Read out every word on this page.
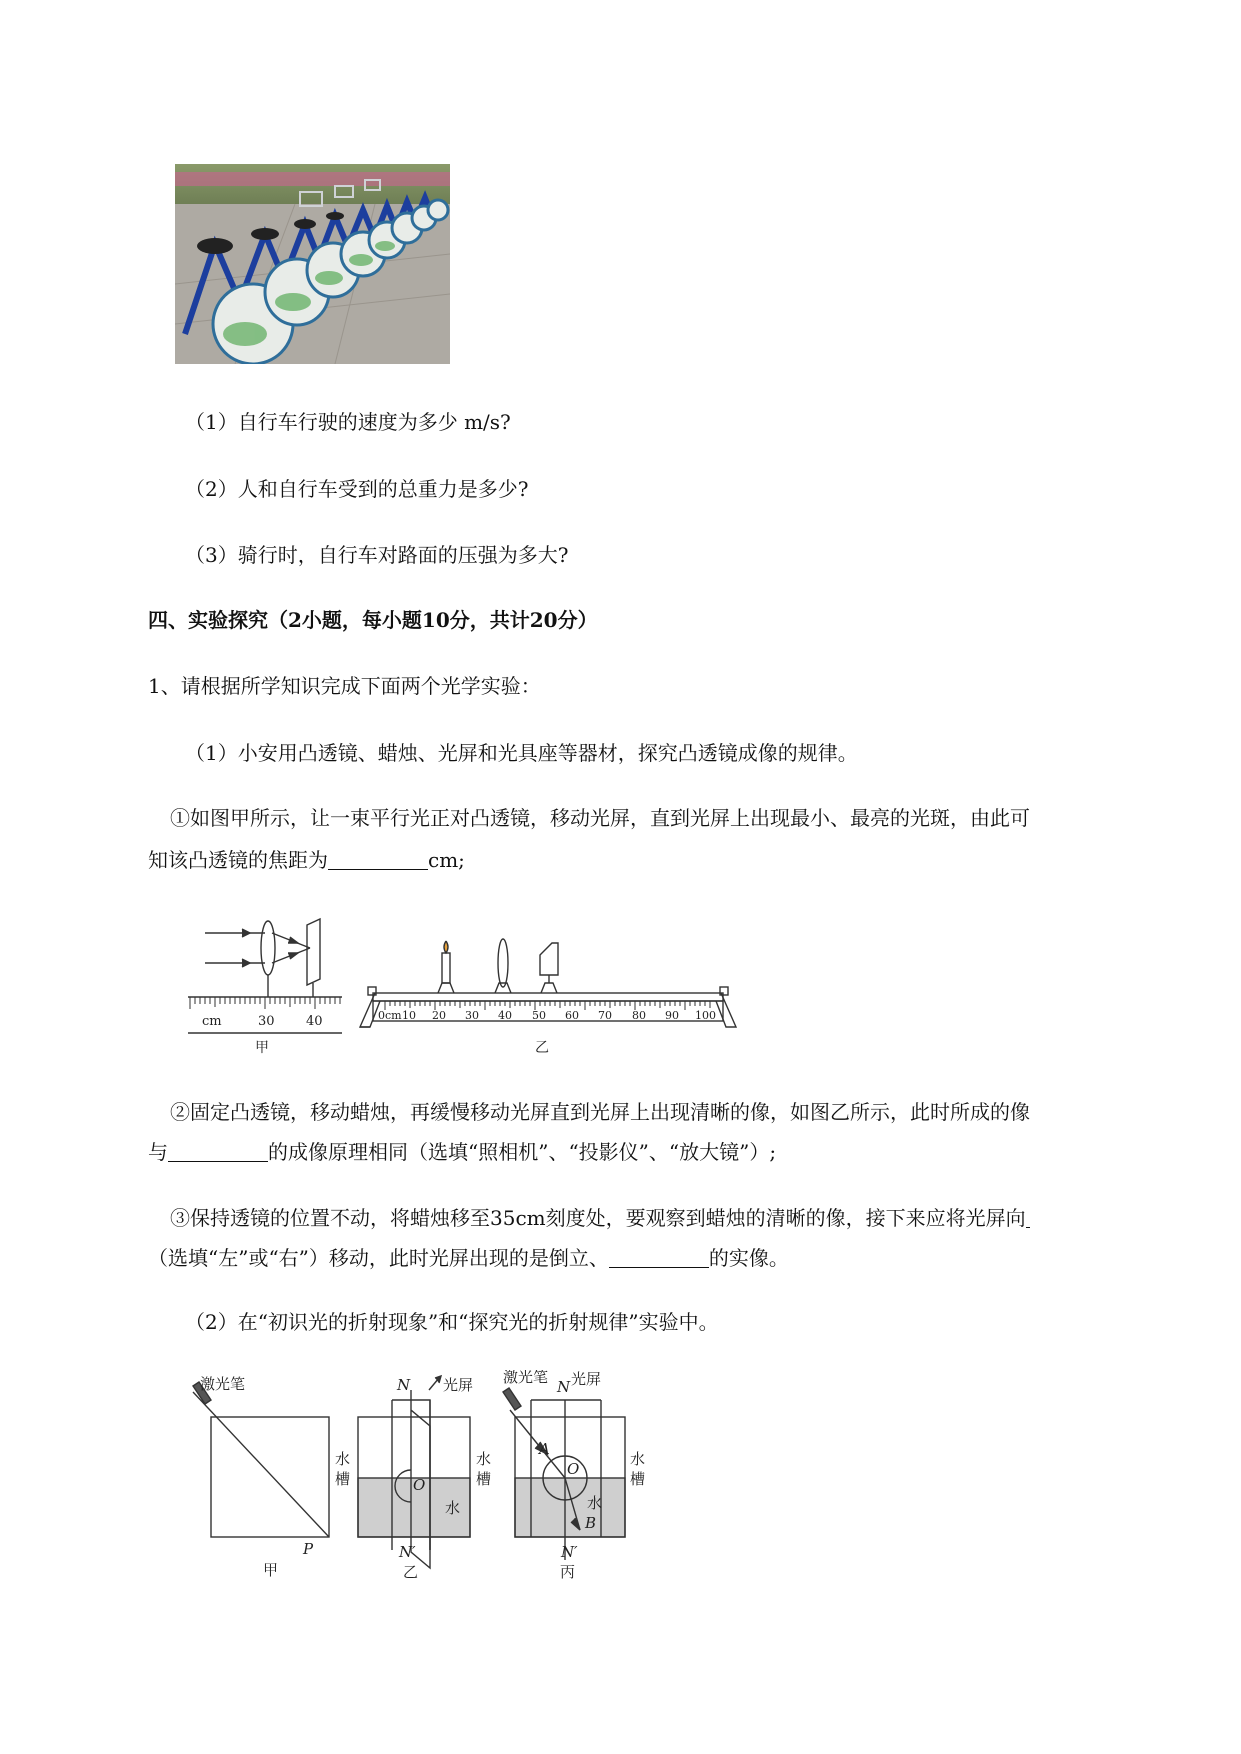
（1）自行车行驶的速度为多少 m/s?
（2）人和自行车受到的总重力是多少?
（3）骑行时，自行车对路面的压强为多大?
四、实验探究（2小题，每小题10分，共计20分）
1、请根据所学知识完成下面两个光学实验：
（1）小安用凸透镜、蜡烛、光屏和光具座等器材，探究凸透镜成像的规律。
①如图甲所示，让一束平行光正对凸透镜，移动光屏，直到光屏上出现最小、最亮的光斑，由此可
知该凸透镜的焦距为	cm;
cm	30 40
甲
0cm 10 20 30 40 50 60 70 80 90 100
乙
②固定凸透镜，移动蜡烛，再缓慢移动光屏直到光屏上出现清晰的像，如图乙所示，此时所成的像
与	的成像原理相同（选填“照相机”、“投影仪”、“放大镜”）;
③保持透镜的位置不动，将蜡烛移至35cm刻度处，要观察到蜡烛的清晰的像，接下来应将光屏向
（选填“左”或“右”）移动，此时光屏出现的是倒立、	的实像。
（2）在“初识光的折射现象”和“探究光的折射规律”实验中。
激光笔
水
槽
P
甲
N 光屏
O
水
槽
水
N′
乙
激光笔
N 光屏
A
O
水
槽
水
B
N′
丙
